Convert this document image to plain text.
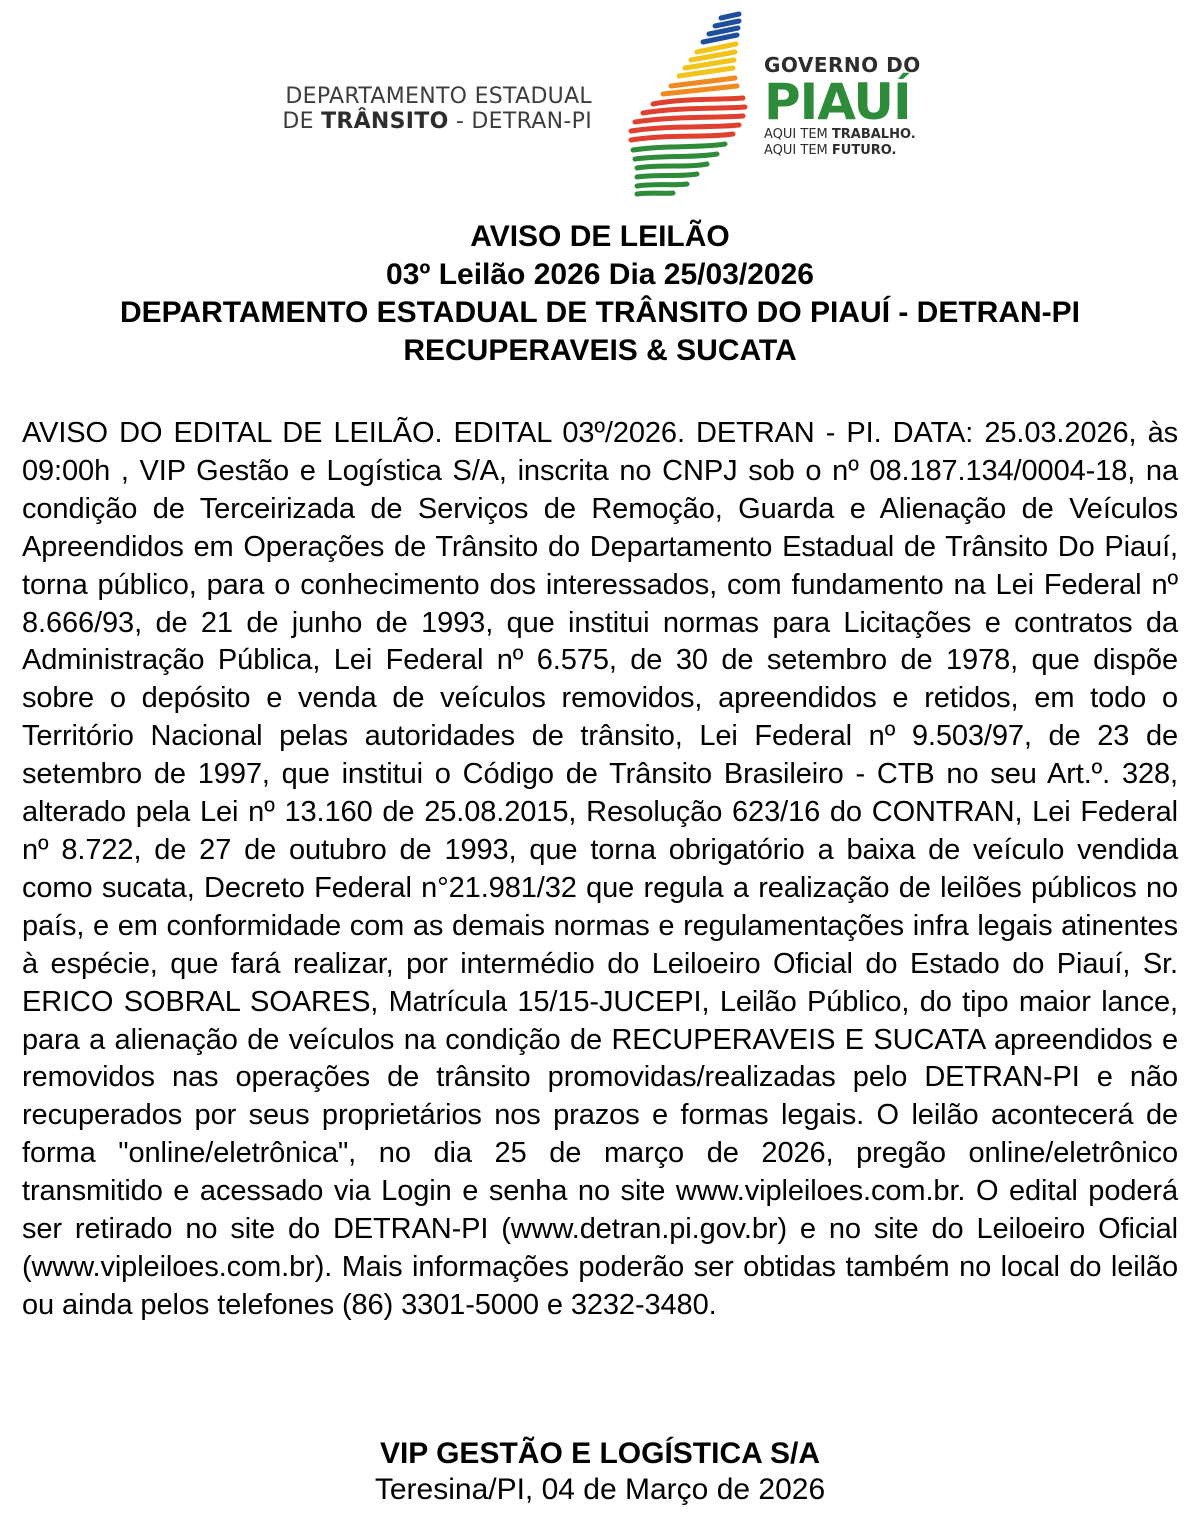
DEPARTAMENTO ESTADUAL
DE TRÂNSITO - DETRAN-PI
GOVERNO DO
PIAUÍ
AQUI TEM TRABALHO.
AQUI TEM FUTURO.
AVISO DE LEILÃO
03º Leilão 2026 Dia 25/03/2026
DEPARTAMENTO ESTADUAL DE TRÂNSITO DO PIAUÍ - DETRAN-PI
RECUPERAVEIS & SUCATA
AVISO DO EDITAL DE LEILÃO. EDITAL 03º/2026. DETRAN - PI. DATA: 25.03.2026, às 09:00h , VIP Gestão e Logística S/A, inscrita no CNPJ sob o nº 08.187.134/0004-18, na condição de Terceirizada de Serviços de Remoção, Guarda e Alienação de Veículos Apreendidos em Operações de Trânsito do Departamento Estadual de Trânsito Do Piauí, torna público, para o conhecimento dos interessados, com fundamento na Lei Federal nº 8.666/93, de 21 de junho de 1993, que institui normas para Licitações e contratos da Administração Pública, Lei Federal nº 6.575, de 30 de setembro de 1978, que dispõe sobre o depósito e venda de veículos removidos, apreendidos e retidos, em todo o Território Nacional pelas autoridades de trânsito, Lei Federal nº 9.503/97, de 23 de setembro de 1997, que institui o Código de Trânsito Brasileiro - CTB no seu Art.º. 328, alterado pela Lei nº 13.160 de 25.08.2015, Resolução 623/16 do CONTRAN, Lei Federal nº 8.722, de 27 de outubro de 1993, que torna obrigatório a baixa de veículo vendida como sucata, Decreto Federal n°21.981/32 que regula a realização de leilões públicos no país, e em conformidade com as demais normas e regulamentações infra legais atinentes à espécie, que fará realizar, por intermédio do Leiloeiro Oficial do Estado do Piauí, Sr. ERICO SOBRAL SOARES, Matrícula 15/15-JUCEPI, Leilão Público, do tipo maior lance, para a alienação de veículos na condição de RECUPERAVEIS E SUCATA apreendidos e removidos nas operações de trânsito promovidas/realizadas pelo DETRAN-PI e não recuperados por seus proprietários nos prazos e formas legais. O leilão acontecerá de forma "online/eletrônica", no dia 25 de março de 2026, pregão online/eletrônico transmitido e acessado via Login e senha no site www.vipleiloes.com.br. O edital poderá ser retirado no site do DETRAN-PI (www.detran.pi.gov.br) e no site do Leiloeiro Oficial (www.vipleiloes.com.br). Mais informações poderão ser obtidas também no local do leilão ou ainda pelos telefones (86) 3301-5000 e 3232-3480.
VIP GESTÃO E LOGÍSTICA S/A
Teresina/PI, 04 de Março de 2026
